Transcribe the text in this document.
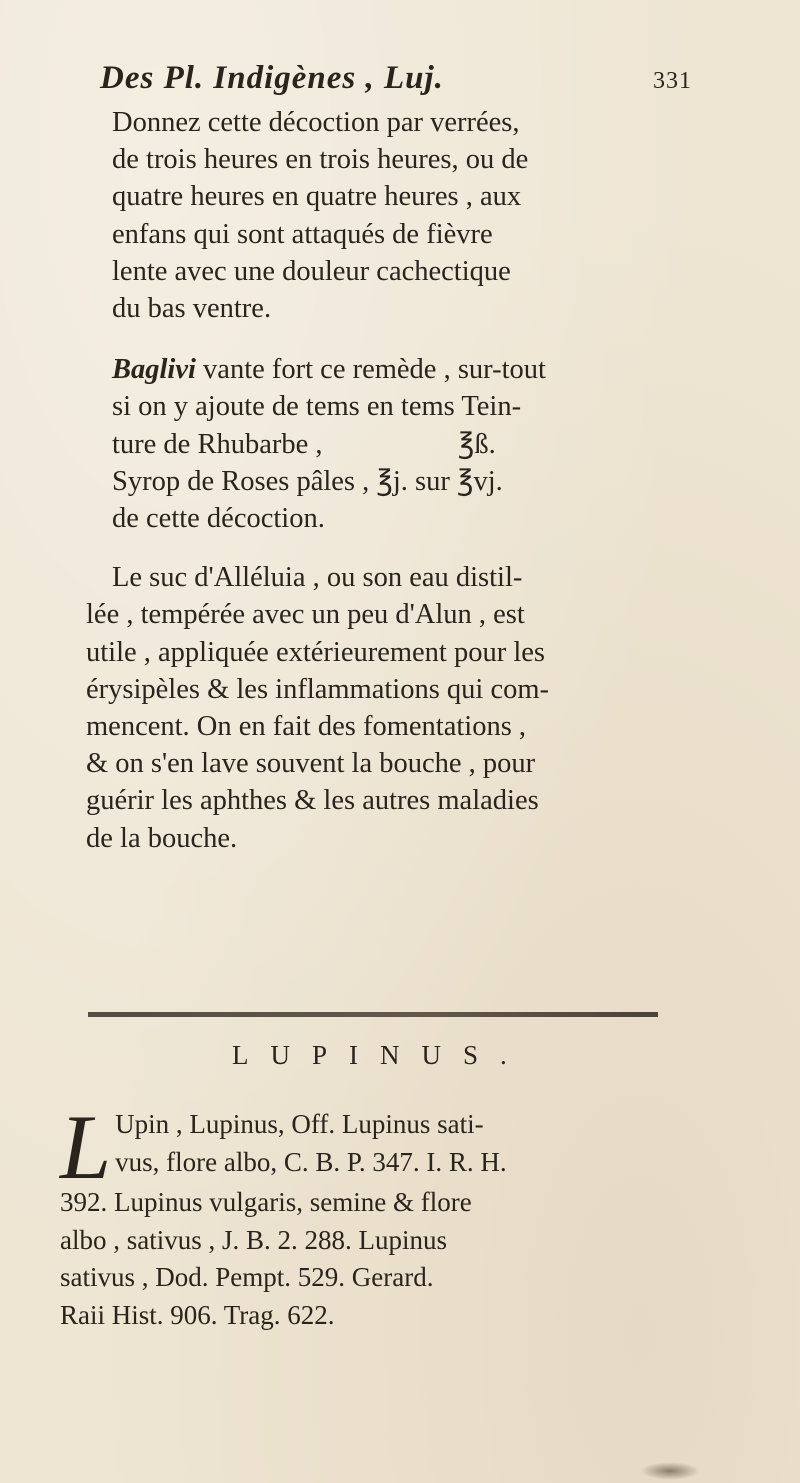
Des Pl. Indigènes , Luj.	331

Donnez cette décoction par verrées,
de trois heures en trois heures, ou de
quatre heures en quatre heures , aux
enfans qui sont attaqués de fièvre
lente avec une douleur cachectique
du bas ventre.

Baglivi vante fort ce remède , sur-tout
si on y ajoute de tems en tems Tein-
ture de Rhubarbe ,                   ℥ß.
Syrop de Roses pâles , ℥j. sur ℥vj.
de cette décoction.

Le suc d'Alléluia , ou son eau distil-
lée , tempérée avec un peu d'Alun , est
utile , appliquée extérieurement pour les
érysipèles & les inflammations qui com-
mencent. On en fait des fomentations ,
& on s'en lave souvent la bouche , pour
guérir les aphthes & les autres maladies
de la bouche.

LUPINUS.
L Upin , Lupinus, Off. Lupinus sati-
vus, flore albo, C. B. P. 347. I. R. H.
392. Lupinus vulgaris, semine & flore
albo , sativus , J. B. 2. 288. Lupinus
sativus , Dod. Pempt. 529. Gerard.
Raii Hist. 906. Trag. 622.
